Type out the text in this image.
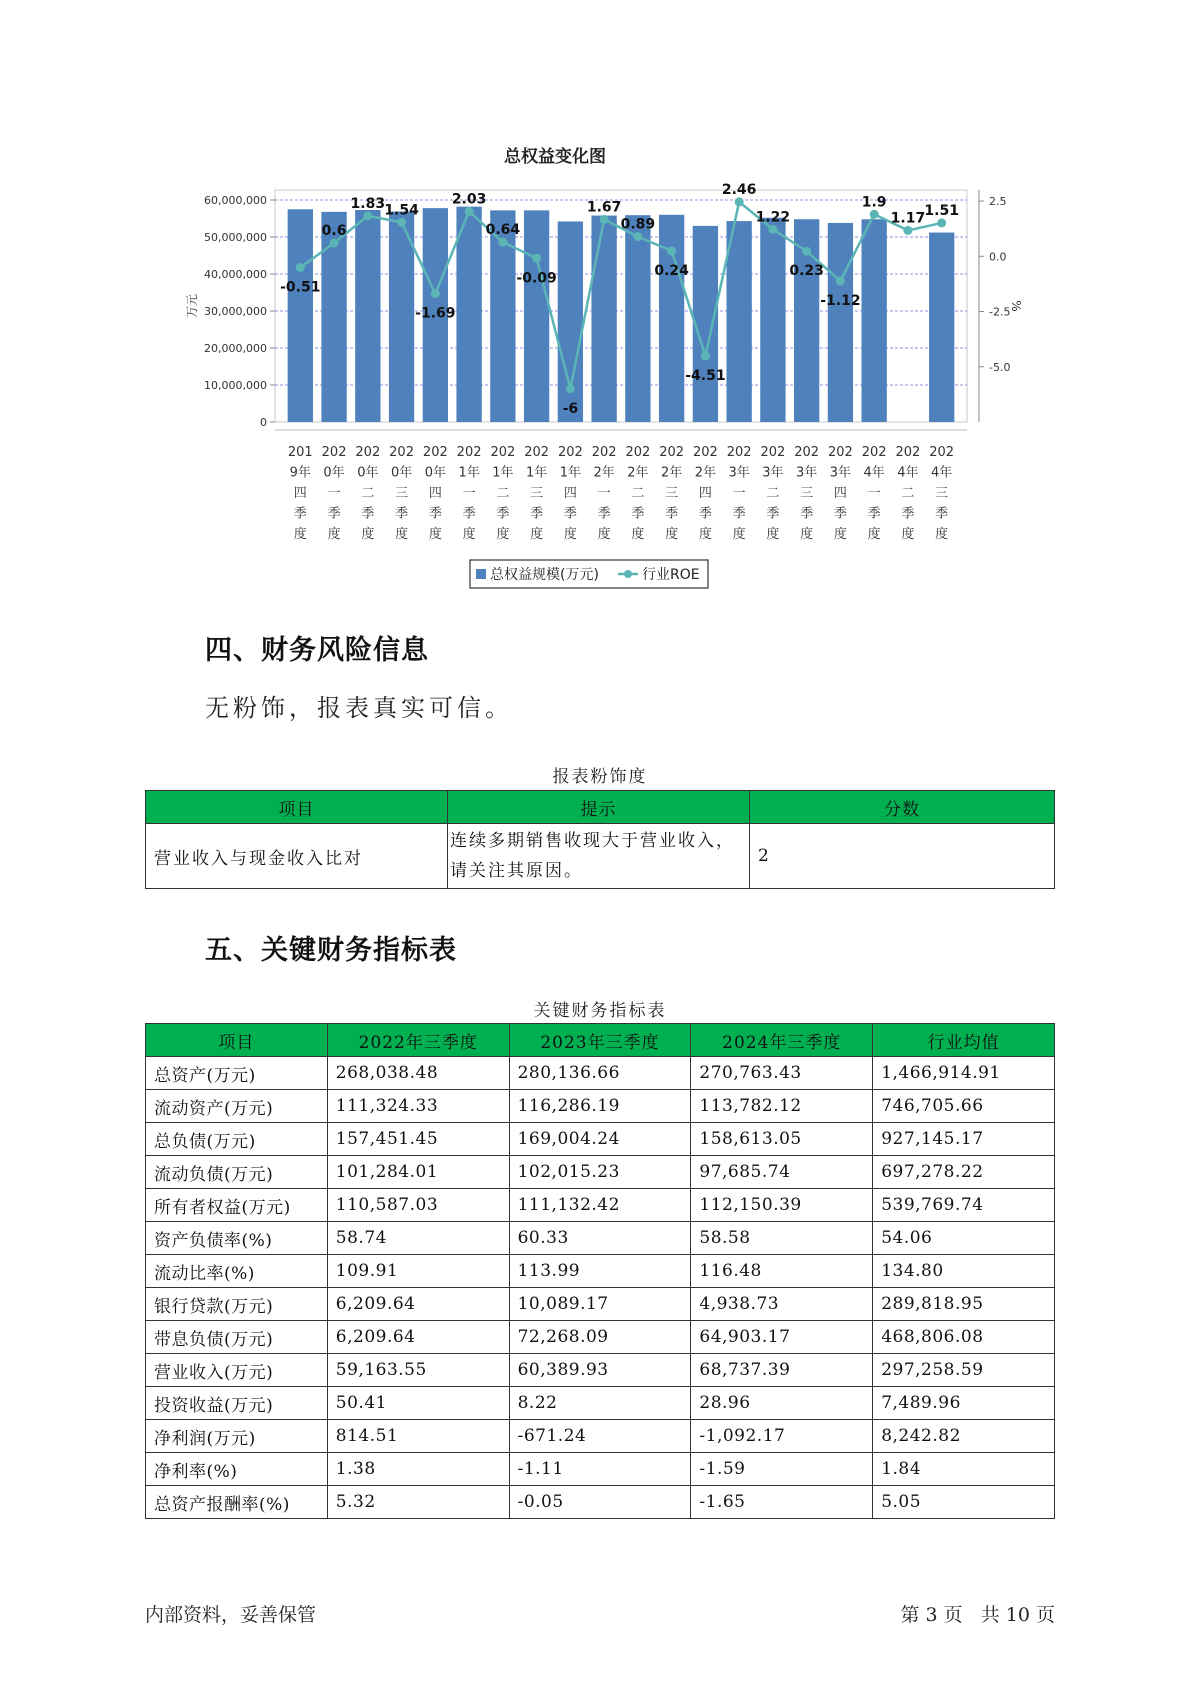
总权益变化图
0
10,000,000
20,000,000
30,000,000
40,000,000
50,000,000
60,000,000
万元
-5.0
-2.5
0.0
2.5
%
201 9年四季度
202 0年一季度
202 0年二季度
202 0年三季度
202 0年四季度
202 1年一季度
202 1年二季度
202 1年三季度
202 1年四季度
202 2年一季度
202 2年二季度
202 2年三季度
202 2年四季度
202 3年一季度
202 3年二季度
202 3年三季度
202 3年四季度
202 4年一季度
202 4年二季度
202 4年三季度
-0.51
0.6
1.83 1.54
-1.69
2.03
0.64
-0.09
-6
1.67
0.89
0.24
-4.51
2.46
1.22
0.23
-1.12
1.9
1.17 1.51
总权益规模(万元)	行业ROE
四、财务风险信息
无粉饰，报表真实可信。
报表粉饰度
项目	提示	分数
营业收入与现金收入比对	连续多期销售收现大于营业收入，请关注其原因。	2
五、关键财务指标表
关键财务指标表
项目	2022年三季度	2023年三季度	2024年三季度	行业均值
总资产(万元)	268,038.48	280,136.66	270,763.43	1,466,914.91
流动资产(万元)	111,324.33	116,286.19	113,782.12	746,705.66
总负债(万元)	157,451.45	169,004.24	158,613.05	927,145.17
流动负债(万元)	101,284.01	102,015.23	97,685.74	697,278.22
所有者权益(万元)	110,587.03	111,132.42	112,150.39	539,769.74
资产负债率(%)	58.74	60.33	58.58	54.06
流动比率(%)	109.91	113.99	116.48	134.80
银行贷款(万元)	6,209.64	10,089.17	4,938.73	289,818.95
带息负债(万元)	6,209.64	72,268.09	64,903.17	468,806.08
营业收入(万元)	59,163.55	60,389.93	68,737.39	297,258.59
投资收益(万元)	50.41	8.22	28.96	7,489.96
净利润(万元)	814.51	-671.24	-1,092.17	8,242.82
净利率(%)	1.38	-1.11	-1.59	1.84
总资产报酬率(%)	5.32	-0.05	-1.65	5.05
内部资料，妥善保管	第 3 页   共 10 页
